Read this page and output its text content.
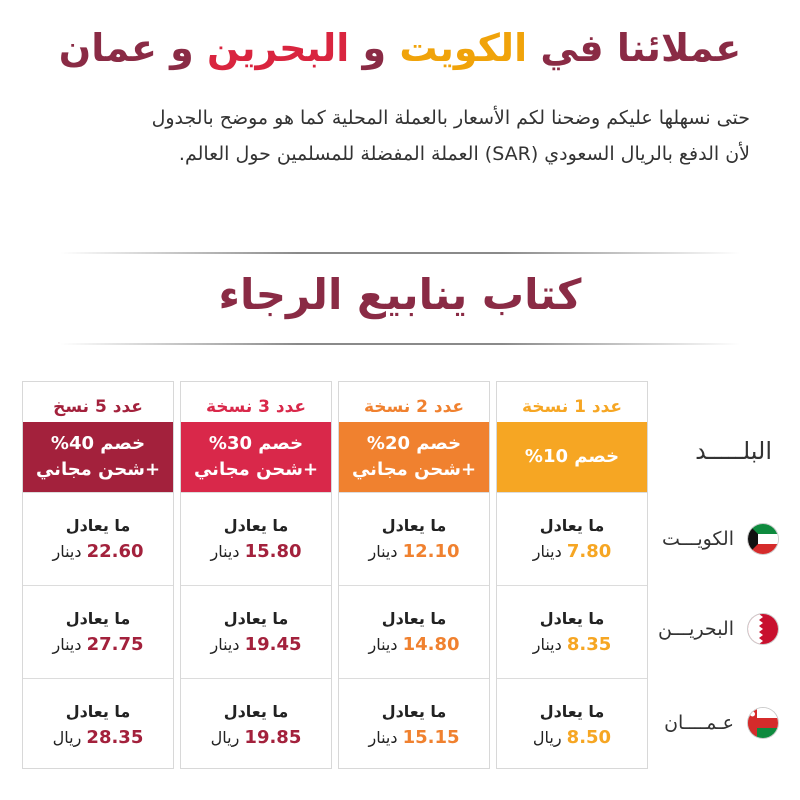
عملائنا في الكويت و البحرين و عمان
حتى نسهلها عليكم وضحنا لكم الأسعار بالعملة المحلية كما هو موضح بالجدول
لأن الدفع بالريال السعودي (SAR) العملة المفضلة للمسلمين حول العالم.
كتاب ينابيع الرجاء
البلـــــد
الكويـــت
البحريـــن
عـمــــان
عدد 1 نسخة
خصم 10%
ما يعادل
7.80 دينار
ما يعادل
8.35 دينار
ما يعادل
8.50 ريال
عدد 2 نسخة
خصم 20%
+شحن مجاني
ما يعادل
12.10 دينار
ما يعادل
14.80 دينار
ما يعادل
15.15 دينار
عدد 3 نسخة
خصم 30%
+شحن مجاني
ما يعادل
15.80 دينار
ما يعادل
19.45 دينار
ما يعادل
19.85 ريال
عدد 5 نسخ
خصم 40%
+شحن مجاني
ما يعادل
22.60 دينار
ما يعادل
27.75 دينار
ما يعادل
28.35 ريال
